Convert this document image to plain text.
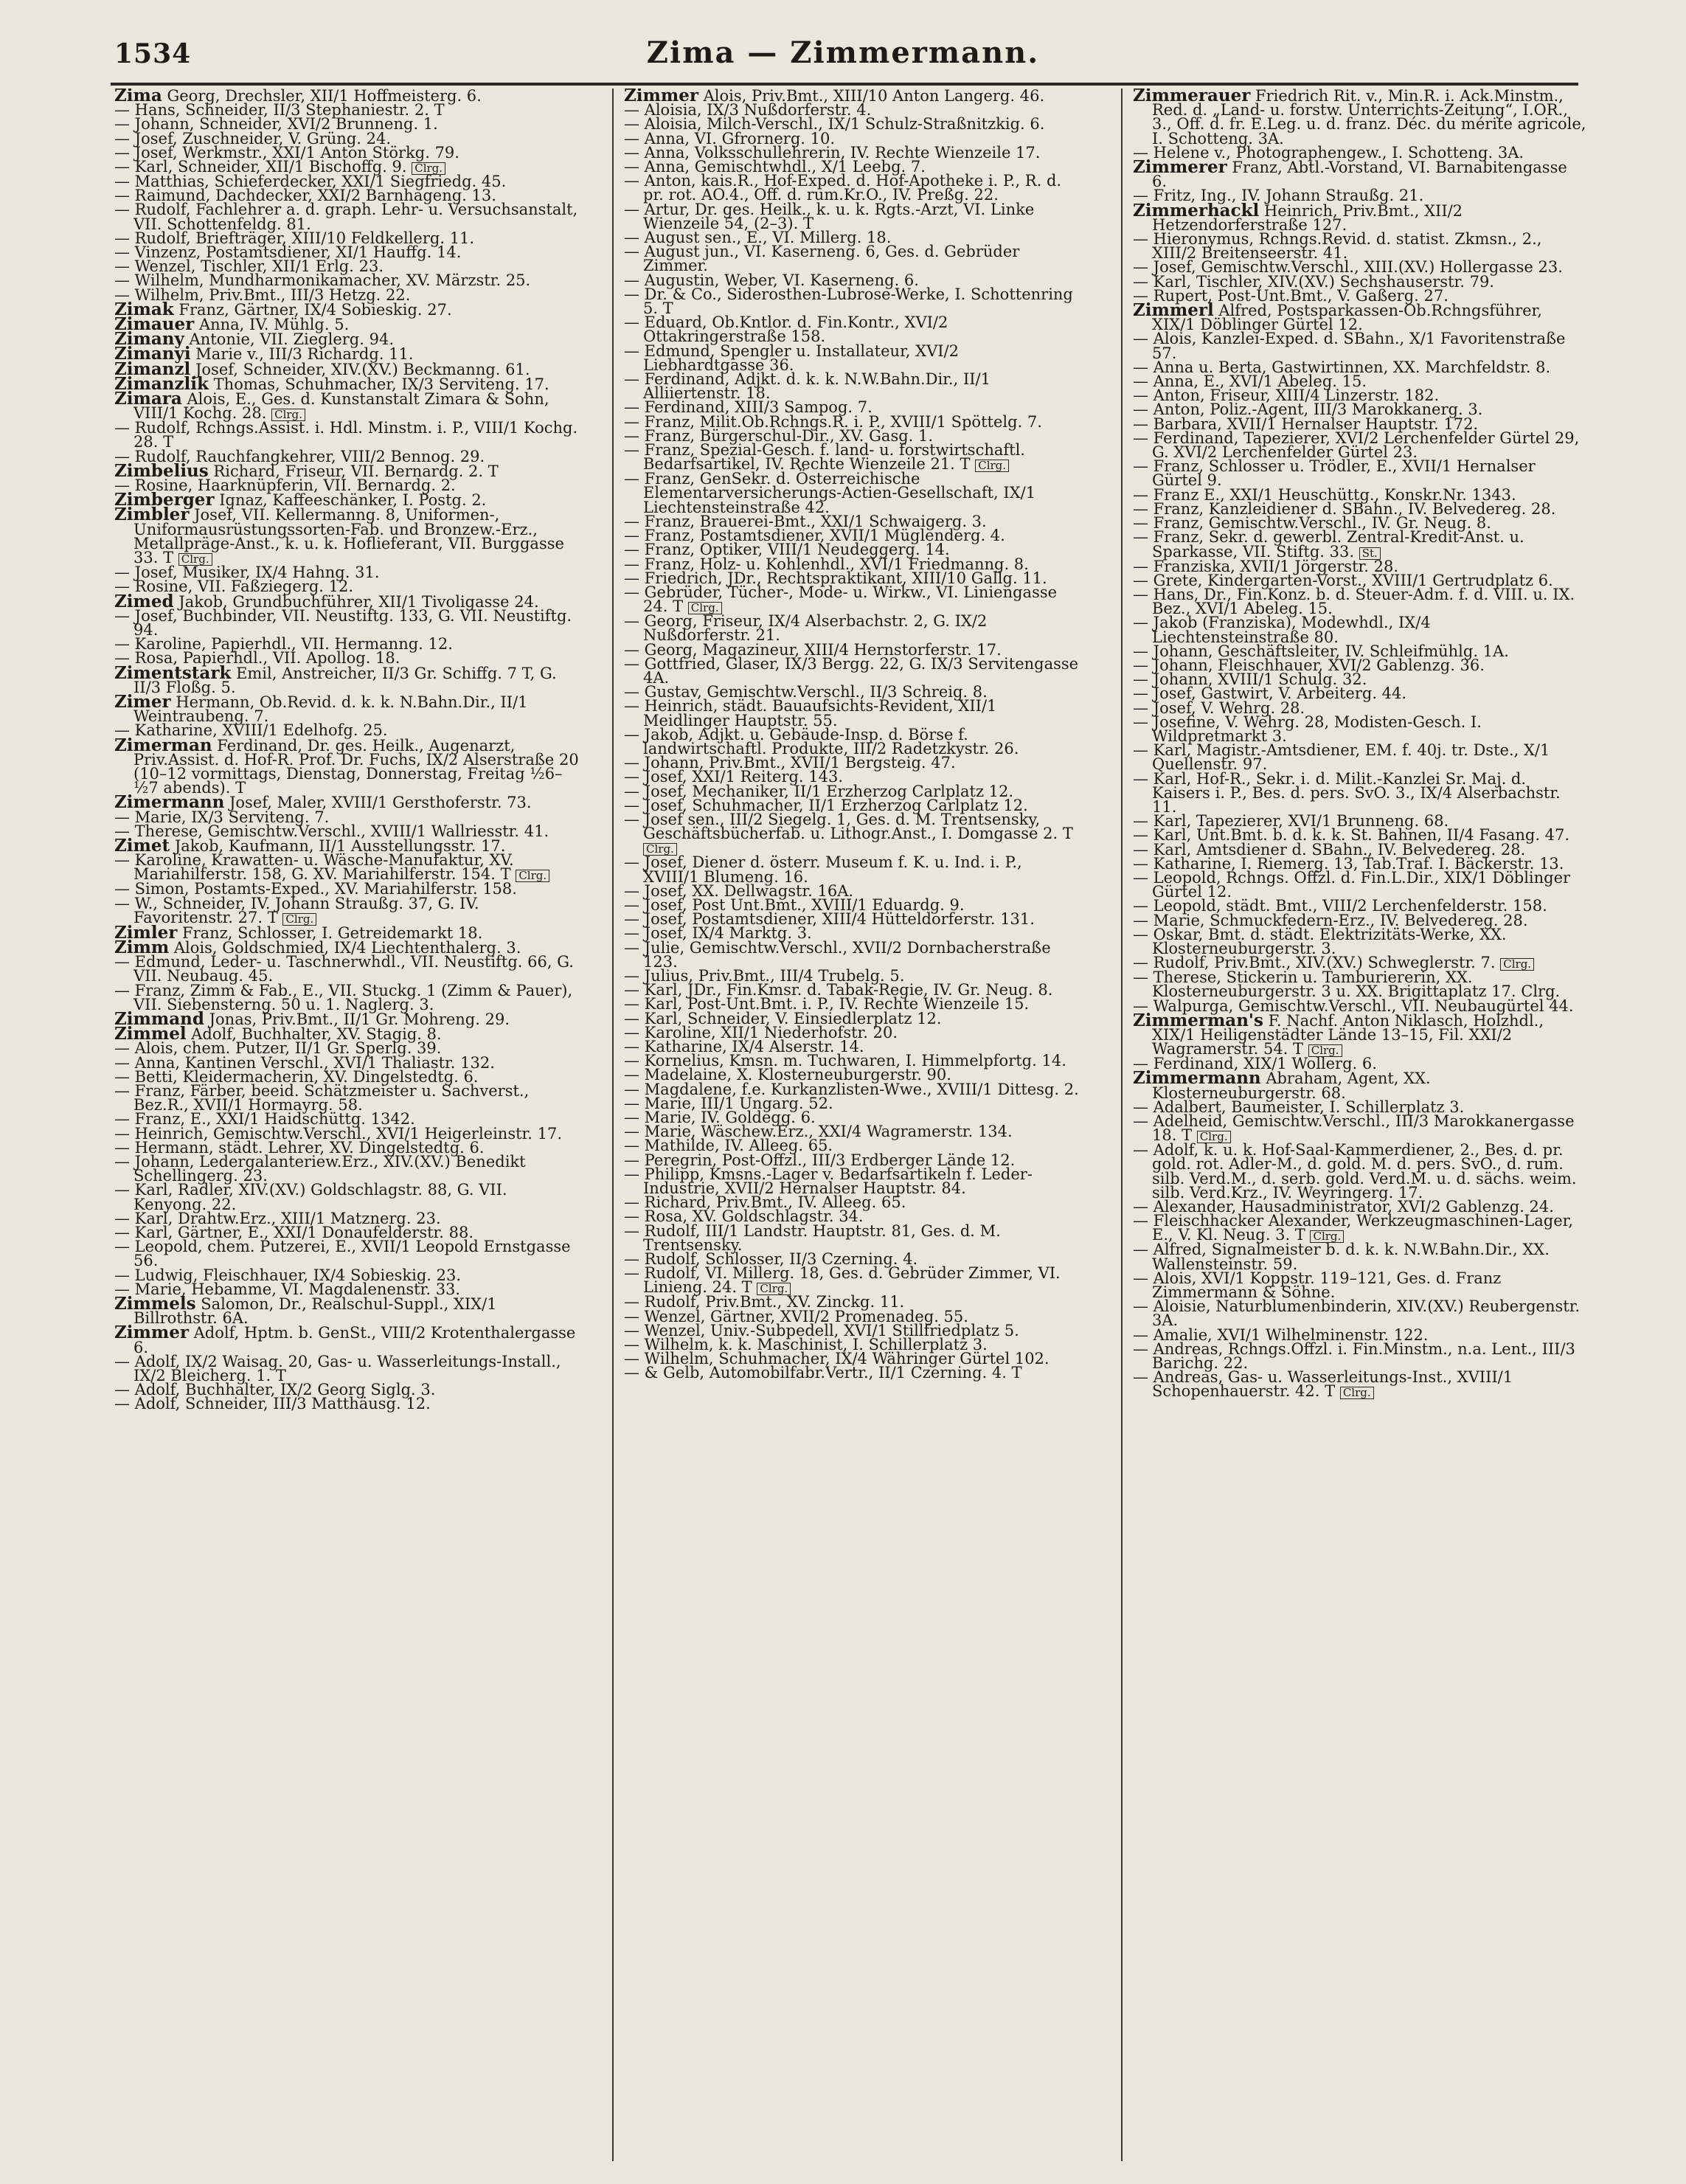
1534	Zima — Zimmermann.

Zima Georg, Drechsler, XII/1 Hoffmeisterg. 6.

— Hans, Schneider, II/3 Stephaniestr. 2. T

— Johann, Schneider, XVI/2 Brunneng. 1.

— Josef, Zuschneider, V. Grüng. 24.

— Josef, Werkmstr., XXI/1 Anton Störkg. 79.

— Karl, Schneider, XII/1 Bischoffg. 9. Clrg.

— Matthias, Schieferdecker, XXI/1 Siegfriedg. 45.

— Raimund, Dachdecker, XXI/2 Barnhageng. 13.

— Rudolf, Fachlehrer a. d. graph. Lehr- u. Versuchsanstalt, VII. Schottenfeldg. 81.

— Rudolf, Briefträger, XIII/10 Feldkellerg. 11.

— Vinzenz, Postamtsdiener, XI/1 Hauffg. 14.

— Wenzel, Tischler, XII/1 Erlg. 23.

— Wilhelm, Mundharmonikamacher, XV. Märzstr. 25.

— Wilhelm, Priv.Bmt., III/3 Hetzg. 22.

Zimak Franz, Gärtner, IX/4 Sobieskig. 27.

Zimauer Anna, IV. Mühlg. 5.

Zimany Antonie, VII. Zieglerg. 94.

Zimanyi Marie v., III/3 Richardg. 11.

Zimanzl Josef, Schneider, XIV.(XV.) Beckmanng. 61.

Zimanzlik Thomas, Schuhmacher, IX/3 Serviteng. 17.

Zimara Alois, E., Ges. d. Kunstanstalt Zimara & Sohn, VIII/1 Kochg. 28. Clrg.

— Rudolf, Rchngs.Assist. i. Hdl. Minstm. i. P., VIII/1 Kochg. 28. T

— Rudolf, Rauchfangkehrer, VIII/2 Bennog. 29.

Zimbelius Richard, Friseur, VII. Bernardg. 2. T

— Rosine, Haarknüpferin, VII. Bernardg. 2.

Zimberger Ignaz, Kaffeeschänker, I. Postg. 2.

Zimbler Josef, VII. Kellermanng. 8, Uniformen-, Uniformausrüstungssorten-Fab. und Bronzew.-Erz., Metallpräge-Anst., k. u. k. Hoflieferant, VII. Burggasse 33. T Clrg.

— Josef, Musiker, IX/4 Hahng. 31.

— Rosine, VII. Faßziegerg. 12.

Zimed Jakob, Grundbuchführer, XII/1 Tivoligasse 24.

— Josef, Buchbinder, VII. Neustiftg. 133, G. VII. Neustiftg. 94.

— Karoline, Papierhdl., VII. Hermanng. 12.

— Rosa, Papierhdl., VII. Apollog. 18.

Zimentstark Emil, Anstreicher, II/3 Gr. Schiffg. 7 T, G. II/3 Floßg. 5.

Zimer Hermann, Ob.Revid. d. k. k. N.Bahn.Dir., II/1 Weintraubeng. 7.

— Katharine, XVIII/1 Edelhofg. 25.

Zimerman Ferdinand, Dr. ges. Heilk., Augenarzt, Priv.Assist. d. Hof-R. Prof. Dr. Fuchs, IX/2 Alserstraße 20 (10–12 vormittags, Dienstag, Donnerstag, Freitag ½6–½7 abends). T

Zimermann Josef, Maler, XVIII/1 Gersthoferstr. 73.

— Marie, IX/3 Serviteng. 7.

— Therese, Gemischtw.Verschl., XVIII/1 Wallriesstr. 41.

Zimet Jakob, Kaufmann, II/1 Ausstellungsstr. 17.

— Karoline, Krawatten- u. Wäsche-Manufaktur, XV. Mariahilferstr. 158, G. XV. Mariahilferstr. 154. T Clrg.

— Simon, Postamts-Exped., XV. Mariahilferstr. 158.

— W., Schneider, IV. Johann Straußg. 37, G. IV. Favoritenstr. 27. T Clrg.

Zimler Franz, Schlosser, I. Getreidemarkt 18.

Zimm Alois, Goldschmied, IX/4 Liechtenthalerg. 3.

— Edmund, Leder- u. Taschnerwhdl., VII. Neustiftg. 66, G. VII. Neubaug. 45.

— Franz, Zimm & Fab., E., VII. Stuckg. 1 (Zimm & Pauer), VII. Siebensterng. 50 u. 1. Naglerg. 3.

Zimmand Jonas, Priv.Bmt., II/1 Gr. Mohreng. 29.

Zimmel Adolf, Buchhalter, XV. Stagig. 8.

— Alois, chem. Putzer, II/1 Gr. Sperlg. 39.

— Anna, Kantinen Verschl., XVI/1 Thaliastr. 132.

— Betti, Kleidermacherin, XV. Dingelstedtg. 6.

— Franz, Färber, beeid. Schätzmeister u. Sachverst., Bez.R., XVII/1 Hormayrg. 58.

— Franz, E., XXI/1 Haidschüttg. 1342.

— Heinrich, Gemischtw.Verschl., XVI/1 Heigerleinstr. 17.

— Hermann, städt. Lehrer, XV. Dingelstedtg. 6.

— Johann, Ledergalanteriew.Erz., XIV.(XV.) Benedikt Schellingerg. 23.

— Karl, Radler, XIV.(XV.) Goldschlagstr. 88, G. VII. Kenyong. 22.

— Karl, Drahtw.Erz., XIII/1 Matznerg. 23.

— Karl, Gärtner, E., XXI/1 Donaufelderstr. 88.

— Leopold, chem. Putzerei, E., XVII/1 Leopold Ernstgasse 56.

— Ludwig, Fleischhauer, IX/4 Sobieskig. 23.

— Marie, Hebamme, VI. Magdalenenstr. 33.

Zimmels Salomon, Dr., Realschul-Suppl., XIX/1 Billrothstr. 6A.

Zimmer Adolf, Hptm. b. GenSt., VIII/2 Krotenthalergasse 6.

— Adolf, IX/2 Waisag. 20, Gas- u. Wasserleitungs-Install., IX/2 Bleicherg. 1. T

— Adolf, Buchhalter, IX/2 Georg Siglg. 3.

— Adolf, Schneider, III/3 Matthäusg. 12.

Zimmer Alois, Priv.Bmt., XIII/10 Anton Langerg. 46.

— Aloisia, IX/3 Nußdorferstr. 4.

— Aloisia, Milch-Verschl., IX/1 Schulz-Straßnitzkig. 6.

— Anna, VI. Gfrornerg. 10.

— Anna, Volksschullehrerin, IV. Rechte Wienzeile 17.

— Anna, Gemischtwhdl., X/1 Leebg. 7.

— Anton, kais.R., Hof-Exped. d. Hof-Apotheke i. P., R. d. pr. rot. AO.4., Off. d. rum.Kr.O., IV. Preßg. 22.

— Artur, Dr. ges. Heilk., k. u. k. Rgts.-Arzt, VI. Linke Wienzeile 54, (2–3). T

— August sen., E., VI. Millerg. 18.

— August jun., VI. Kaserneng. 6, Ges. d. Gebrüder Zimmer.

— Augustin, Weber, VI. Kaserneng. 6.

— Dr. & Co., Siderosthen-Lubrose-Werke, I. Schottenring 5. T

— Eduard, Ob.Kntlor. d. Fin.Kontr., XVI/2 Ottakringerstraße 158.

— Edmund, Spengler u. Installateur, XVI/2 Liebhardtgasse 36.

— Ferdinand, Adjkt. d. k. k. N.W.Bahn.Dir., II/1 Alliiertenstr. 18.

— Ferdinand, XIII/3 Sampog. 7.

— Franz, Milit.Ob.Rchngs.R. i. P., XVIII/1 Spöttelg. 7.

— Franz, Bürgerschul-Dir., XV. Gasg. 1.

— Franz, Spezial-Gesch. f. land- u. forstwirtschaftl. Bedarfsartikel, IV. Rechte Wienzeile 21. T Clrg.

— Franz, GenSekr. d. Österreichische Elementarversicherungs-Actien-Gesellschaft, IX/1 Liechtensteinstraße 42.

— Franz, Brauerei-Bmt., XXI/1 Schwaigerg. 3.

— Franz, Postamtsdiener, XVII/1 Müglenderg. 4.

— Franz, Optiker, VIII/1 Neudeggerg. 14.

— Franz, Holz- u. Kohlenhdl., XVI/1 Friedmanng. 8.

— Friedrich, JDr., Rechtspraktikant, XIII/10 Gallg. 11.

— Gebrüder, Tücher-, Mode- u. Wirkw., VI. Liniengasse 24. T Clrg.

— Georg, Friseur, IX/4 Alserbachstr. 2, G. IX/2 Nußdorferstr. 21.

— Georg, Magazineur, XIII/4 Hernstorferstr. 17.

— Gottfried, Glaser, IX/3 Bergg. 22, G. IX/3 Servitengasse 4A.

— Gustav, Gemischtw.Verschl., II/3 Schreig. 8.

— Heinrich, städt. Bauaufsichts-Revident, XII/1 Meidlinger Hauptstr. 55.

— Jakob, Adjkt. u. Gebäude-Insp. d. Börse f. landwirtschaftl. Produkte, III/2 Radetzkystr. 26.

— Johann, Priv.Bmt., XVII/1 Bergsteig. 47.

— Josef, XXI/1 Reiterg. 143.

— Josef, Mechaniker, II/1 Erzherzog Carlplatz 12.

— Josef, Schuhmacher, II/1 Erzherzog Carlplatz 12.

— Josef sen., III/2 Siegelg. 1, Ges. d. M. Trentsensky, Geschäftsbücherfab. u. Lithogr.Anst., I. Domgasse 2. T Clrg.

— Josef, Diener d. österr. Museum f. K. u. Ind. i. P., XVIII/1 Blumeng. 16.

— Josef, XX. Dellwagstr. 16A.

— Josef, Post Unt.Bmt., XVIII/1 Eduardg. 9.

— Josef, Postamtsdiener, XIII/4 Hütteldorferstr. 131.

— Josef, IX/4 Marktg. 3.

— Julie, Gemischtw.Verschl., XVII/2 Dornbacherstraße 123.

— Julius, Priv.Bmt., III/4 Trubelg. 5.

— Karl, JDr., Fin.Kmsr. d. Tabak-Regie, IV. Gr. Neug. 8.

— Karl, Post-Unt.Bmt. i. P., IV. Rechte Wienzeile 15.

— Karl, Schneider, V. Einsiedlerplatz 12.

— Karoline, XII/1 Niederhofstr. 20.

— Katharine, IX/4 Alserstr. 14.

— Kornelius, Kmsn. m. Tuchwaren, I. Himmelpfortg. 14.

— Madelaine, X. Klosterneuburgerstr. 90.

— Magdalene, f.e. Kurkanzlisten-Wwe., XVIII/1 Dittesg. 2.

— Marie, III/1 Ungarg. 52.

— Marie, IV. Goldegg. 6.

— Marie, Wäschew.Erz., XXI/4 Wagramerstr. 134.

— Mathilde, IV. Alleeg. 65.

— Peregrin, Post-Offzl., III/3 Erdberger Lände 12.

— Philipp, Kmsns.-Lager v. Bedarfsartikeln f. Leder-Industrie, XVII/2 Hernalser Hauptstr. 84.

— Richard, Priv.Bmt., IV. Alleeg. 65.

— Rosa, XV. Goldschlagstr. 34.

— Rudolf, III/1 Landstr. Hauptstr. 81, Ges. d. M. Trentsensky.

— Rudolf, Schlosser, II/3 Czerning. 4.

— Rudolf, VI. Millerg. 18, Ges. d. Gebrüder Zimmer, VI. Linieng. 24. T Clrg.

— Rudolf, Priv.Bmt., XV. Zinckg. 11.

— Wenzel, Gärtner, XVII/2 Promenadeg. 55.

— Wenzel, Univ.-Subpedell, XVI/1 Stillfriedplatz 5.

— Wilhelm, k. k. Maschinist, I. Schillerplatz 3.

— Wilhelm, Schuhmacher, IX/4 Währinger Gürtel 102.

— & Gelb, Automobilfabr.Vertr., II/1 Czerning. 4. T

Zimmerauer Friedrich Rit. v., Min.R. i. Ack.Minstm., Red. d. „Land- u. forstw. Unterrichts-Zeitung“, I.OR., 3., Off. d. fr. E.Leg. u. d. franz. Déc. du mérite agricole, I. Schotteng. 3A.

— Helene v., Photographengew., I. Schotteng. 3A.

Zimmerer Franz, Abtl.-Vorstand, VI. Barnabitengasse 6.

— Fritz, Ing., IV. Johann Straußg. 21.

Zimmerhackl Heinrich, Priv.Bmt., XII/2 Hetzendorferstraße 127.

— Hieronymus, Rchngs.Revid. d. statist. Zkmsn., 2., XIII/2 Breitenseerstr. 41.

— Josef, Gemischtw.Verschl., XIII.(XV.) Hollergasse 23.

— Karl, Tischler, XIV.(XV.) Sechshauserstr. 79.

— Rupert, Post-Unt.Bmt., V. Gaßerg. 27.

Zimmerl Alfred, Postsparkassen-Ob.Rchngsführer, XIX/1 Döblinger Gürtel 12.

— Alois, Kanzlei-Exped. d. SBahn., X/1 Favoritenstraße 57.

— Anna u. Berta, Gastwirtinnen, XX. Marchfeldstr. 8.

— Anna, E., XVI/1 Abeleg. 15.

— Anton, Friseur, XIII/4 Linzerstr. 182.

— Anton, Poliz.-Agent, III/3 Marokkanerg. 3.

— Barbara, XVII/1 Hernalser Hauptstr. 172.

— Ferdinand, Tapezierer, XVI/2 Lerchenfelder Gürtel 29, G. XVI/2 Lerchenfelder Gürtel 23.

— Franz, Schlosser u. Trödler, E., XVII/1 Hernalser Gürtel 9.

— Franz E., XXI/1 Heuschüttg., Konskr.Nr. 1343.

— Franz, Kanzleidiener d. SBahn., IV. Belvedereg. 28.

— Franz, Gemischtw.Verschl., IV. Gr. Neug. 8.

— Franz, Sekr. d. gewerbl. Zentral-Kredit-Anst. u. Sparkasse, VII. Stiftg. 33. St.

— Franziska, XVII/1 Jörgerstr. 28.

— Grete, Kindergarten-Vorst., XVIII/1 Gertrudplatz 6.

— Hans, Dr., Fin.Konz. b. d. Steuer-Adm. f. d. VIII. u. IX. Bez., XVI/1 Abeleg. 15.

— Jakob (Franziska), Modewhdl., IX/4 Liechtensteinstraße 80.

— Johann, Geschäftsleiter, IV. Schleifmühlg. 1A.

— Johann, Fleischhauer, XVI/2 Gablenzg. 36.

— Johann, XVIII/1 Schulg. 32.

— Josef, Gastwirt, V. Arbeiterg. 44.

— Josef, V. Wehrg. 28.

— Josefine, V. Wehrg. 28, Modisten-Gesch. I. Wildpretmarkt 3.

— Karl, Magistr.-Amtsdiener, EM. f. 40j. tr. Dste., X/1 Quellenstr. 97.

— Karl, Hof-R., Sekr. i. d. Milit.-Kanzlei Sr. Maj. d. Kaisers i. P., Bes. d. pers. SvO. 3., IX/4 Alserbachstr. 11.

— Karl, Tapezierer, XVI/1 Brunneng. 68.

— Karl, Unt.Bmt. b. d. k. k. St. Bahnen, II/4 Fasang. 47.

— Karl, Amtsdiener d. SBahn., IV. Belvedereg. 28.

— Katharine, I. Riemerg. 13, Tab.Traf. I. Bäckerstr. 13.

— Leopold, Rchngs. Offzl. d. Fin.L.Dir., XIX/1 Döblinger Gürtel 12.

— Leopold, städt. Bmt., VIII/2 Lerchenfelderstr. 158.

— Marie, Schmuckfedern-Erz., IV. Belvedereg. 28.

— Oskar, Bmt. d. städt. Elektrizitäts-Werke, XX. Klosterneuburgerstr. 3.

— Rudolf, Priv.Bmt., XIV.(XV.) Schweglerstr. 7. Clrg.

— Therese, Stickerin u. Tamburiererin, XX. Klosterneuburgerstr. 3 u. XX. Brigittaplatz 17. Clrg.

— Walpurga, Gemischtw.Verschl., VII. Neubaugürtel 44.

Zimmerman's F. Nachf. Anton Niklasch, Holzhdl., XIX/1 Heiligenstädter Lände 13–15, Fil. XXI/2 Wagramerstr. 54. T Clrg.

— Ferdinand, XIX/1 Wollerg. 6.

Zimmermann Abraham, Agent, XX. Klosterneuburgerstr. 68.

— Adalbert, Baumeister, I. Schillerplatz 3.

— Adelheid, Gemischtw.Verschl., III/3 Marokkanergasse 18. T Clrg.

— Adolf, k. u. k. Hof-Saal-Kammerdiener, 2., Bes. d. pr. gold. rot. Adler-M., d. gold. M. d. pers. SvO., d. rum. silb. Verd.M., d. serb. gold. Verd.M. u. d. sächs. weim. silb. Verd.Krz., IV. Weyringerg. 17.

— Alexander, Hausadministrator, XVI/2 Gablenzg. 24.

— Fleischhacker Alexander, Werkzeugmaschinen-Lager, E., V. Kl. Neug. 3. T Clrg.

— Alfred, Signalmeister b. d. k. k. N.W.Bahn.Dir., XX. Wallensteinstr. 59.

— Alois, XVI/1 Koppstr. 119–121, Ges. d. Franz Zimmermann & Söhne.

— Aloisie, Naturblumenbinderin, XIV.(XV.) Reubergenstr. 3A.

— Amalie, XVI/1 Wilhelminenstr. 122.

— Andreas, Rchngs.Offzl. i. Fin.Minstm., n.a. Lent., III/3 Barichg. 22.

— Andreas, Gas- u. Wasserleitungs-Inst., XVIII/1 Schopenhauerstr. 42. T Clrg.
